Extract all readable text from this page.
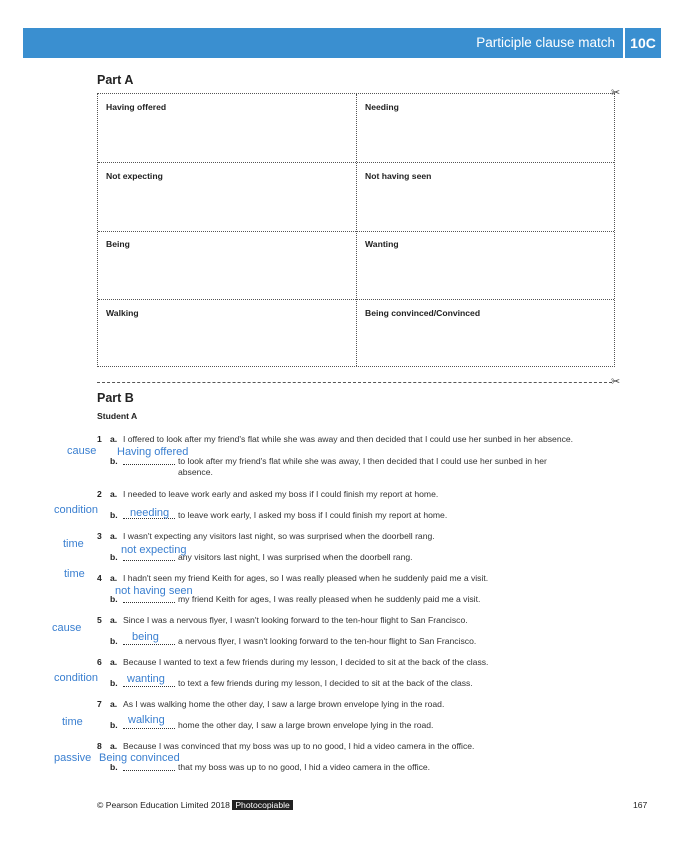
Participle clause match	10C
Part A
✂
Having offered	Needing
Not expecting	Not having seen
Being	Wanting
Walking	Being convinced/Convinced
✂
Part B
Student A
1 a. I offered to look after my friend's flat while she was away and then decided that I could use her sunbed in her absence.
b.	to look after my friend's flat while she was away, I then decided that I could use her sunbed in her
absence.
cause Having offered
2 a. I needed to leave work early and asked my boss if I could finish my report at home.
b.	to leave work early, I asked my boss if I could finish my report at home.
condition	needing
3 a. I wasn't expecting any visitors last night, so was surprised when the doorbell rang.
b.	any visitors last night, I was surprised when the doorbell rang.
time	not expecting
4 a. I hadn't seen my friend Keith for ages, so I was really pleased when he suddenly paid me a visit.
b.	my friend Keith for ages, I was really pleased when he suddenly paid me a visit.
time
not having seen
5 a. Since I was a nervous flyer, I wasn't looking forward to the ten-hour flight to San Francisco.
b.	a nervous flyer, I wasn't looking forward to the ten-hour flight to San Francisco.
cause
being
6 a. Because I wanted to text a few friends during my lesson, I decided to sit at the back of the class.
b.	to text a few friends during my lesson, I decided to sit at the back of the class.
condition	wanting
7 a. As I was walking home the other day, I saw a large brown envelope lying in the road.
b.	home the other day, I saw a large brown envelope lying in the road.
time	walking
8 a. Because I was convinced that my boss was up to no good, I hid a video camera in the office.
b.	that my boss was up to no good, I hid a video camera in the office.
passive Being convinced
© Pearson Education Limited 2018 Photocopiable	167
